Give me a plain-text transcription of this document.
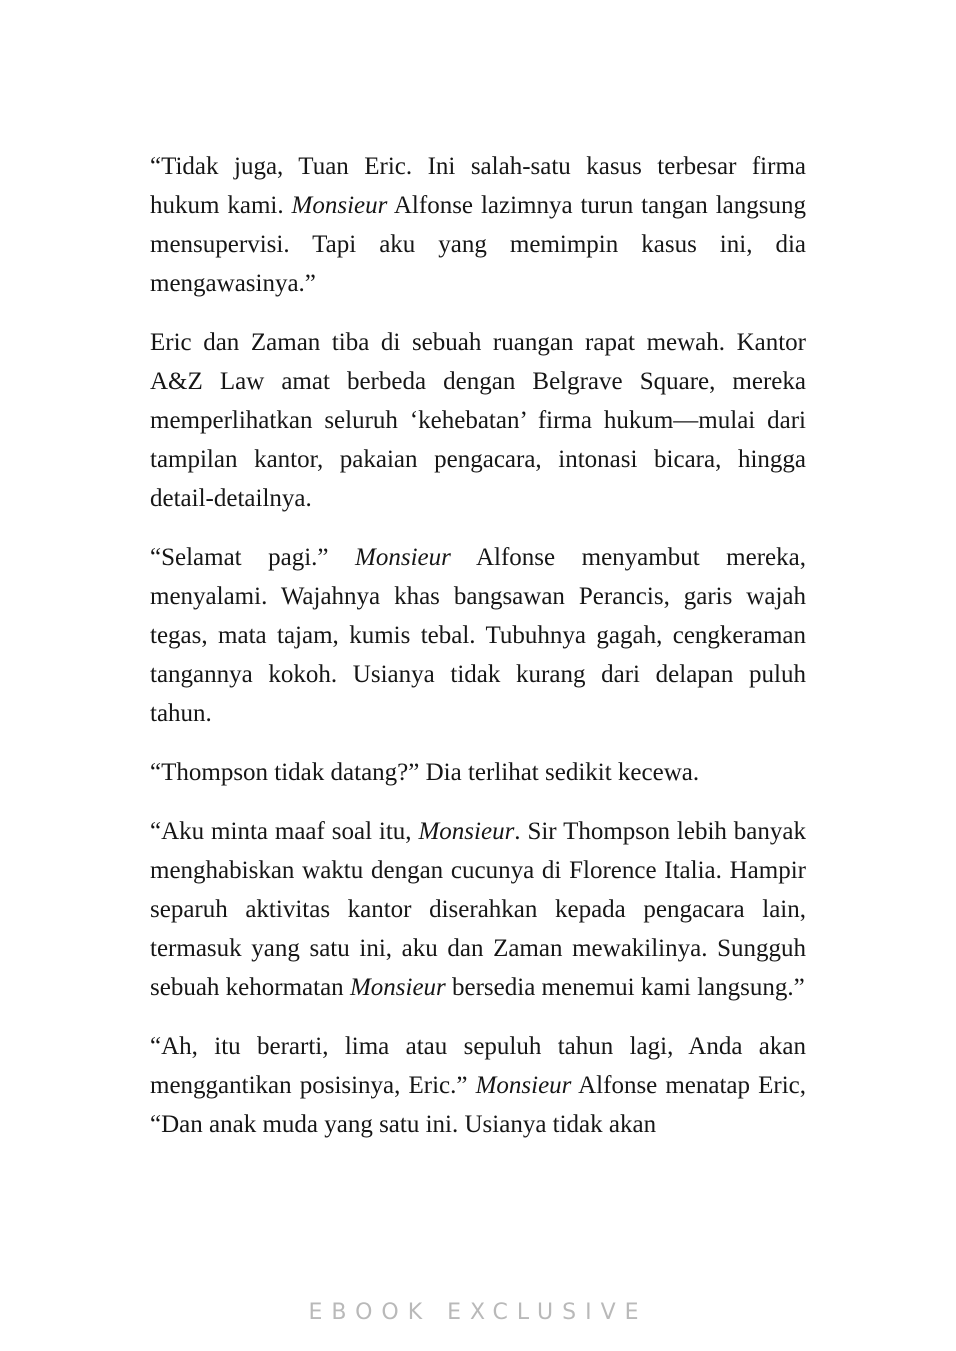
“Tidak juga, Tuan Eric. Ini salah-satu kasus terbesar firma hukum kami. Monsieur Alfonse lazimnya turun tangan langsung mensupervisi. Tapi aku yang memimpin kasus ini, dia mengawasinya.”

Eric dan Zaman tiba di sebuah ruangan rapat mewah. Kantor A&Z Law amat berbeda dengan Belgrave Square, mereka memperlihatkan seluruh ‘kehebatan’ firma hukum—mulai dari tampilan kantor, pakaian pengacara, intonasi bicara, hingga detail-detailnya.

“Selamat pagi.” Monsieur Alfonse menyambut mereka, menyalami. Wajahnya khas bangsawan Perancis, garis wajah tegas, mata tajam, kumis tebal. Tubuhnya gagah, cengkeraman tangannya kokoh. Usianya tidak kurang dari delapan puluh tahun.

“Thompson tidak datang?” Dia terlihat sedikit kecewa.

“Aku minta maaf soal itu, Monsieur. Sir Thompson lebih banyak menghabiskan waktu dengan cucunya di Florence Italia. Hampir separuh aktivitas kantor diserahkan kepada pengacara lain, termasuk yang satu ini, aku dan Zaman mewakilinya. Sungguh sebuah kehormatan Monsieur bersedia menemui kami langsung.”

“Ah, itu berarti, lima atau sepuluh tahun lagi, Anda akan menggantikan posisinya, Eric.” Monsieur Alfonse menatap Eric, “Dan anak muda yang satu ini. Usianya tidak akan

EBOOK EXCLUSIVE
